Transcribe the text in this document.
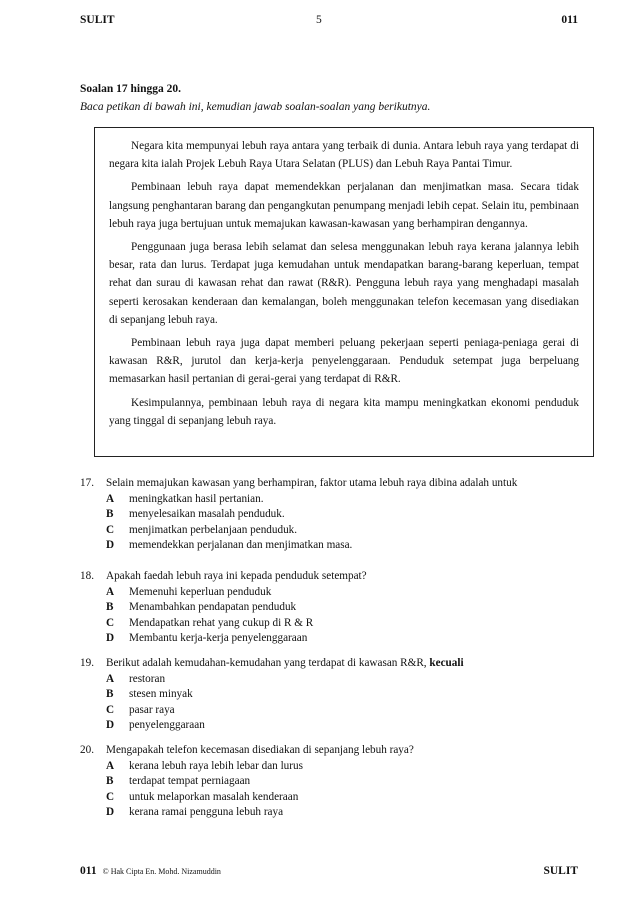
SULIT	5	011
Soalan 17 hingga 20.
Baca petikan di bawah ini, kemudian jawab soalan-soalan yang berikutnya.

Negara kita mempunyai lebuh raya antara yang terbaik di dunia. Antara lebuh raya yang terdapat di negara kita ialah Projek Lebuh Raya Utara Selatan (PLUS) dan Lebuh Raya Pantai Timur.

Pembinaan lebuh raya dapat memendekkan perjalanan dan menjimatkan masa. Secara tidak langsung penghantaran barang dan pengangkutan penumpang menjadi lebih cepat. Selain itu, pembinaan lebuh raya juga bertujuan untuk memajukan kawasan-kawasan yang berhampiran dengannya.

Penggunaan juga berasa lebih selamat dan selesa menggunakan lebuh raya kerana jalannya lebih besar, rata dan lurus. Terdapat juga kemudahan untuk mendapatkan barang-barang keperluan, tempat rehat dan surau di kawasan rehat dan rawat (R&R). Pengguna lebuh raya yang menghadapi masalah seperti kerosakan kenderaan dan kemalangan, boleh menggunakan telefon kecemasan yang disediakan di sepanjang lebuh raya.

Pembinaan lebuh raya juga dapat memberi peluang pekerjaan seperti peniaga-peniaga gerai di kawasan R&R, jurutol dan kerja-kerja penyelenggaraan. Penduduk setempat juga berpeluang memasarkan hasil pertanian di gerai-gerai yang terdapat di R&R.

Kesimpulannya, pembinaan lebuh raya di negara kita mampu meningkatkan ekonomi penduduk yang tinggal di sepanjang lebuh raya.

17.	Selain memajukan kawasan yang berhampiran, faktor utama lebuh raya dibina adalah untuk
A	meningkatkan hasil pertanian.
B	menyelesaikan masalah penduduk.
C	menjimatkan perbelanjaan penduduk.
D	memendekkan perjalanan dan menjimatkan masa.
18.	Apakah faedah lebuh raya ini kepada penduduk setempat?
A	Memenuhi keperluan penduduk
B	Menambahkan pendapatan penduduk
C	Mendapatkan rehat yang cukup di R & R
D	Membantu kerja-kerja penyelenggaraan
19.	Berikut adalah kemudahan-kemudahan yang terdapat di kawasan R&R, kecuali
A	restoran
B	stesen minyak
C	pasar raya
D	penyelenggaraan
20.	Mengapakah telefon kecemasan disediakan di sepanjang lebuh raya?
A	kerana lebuh raya lebih lebar dan lurus
B	terdapat tempat perniagaan
C	untuk melaporkan masalah kenderaan
D	kerana ramai pengguna lebuh raya
011 © Hak Cipta En. Mohd. Nizamuddin	SULIT
